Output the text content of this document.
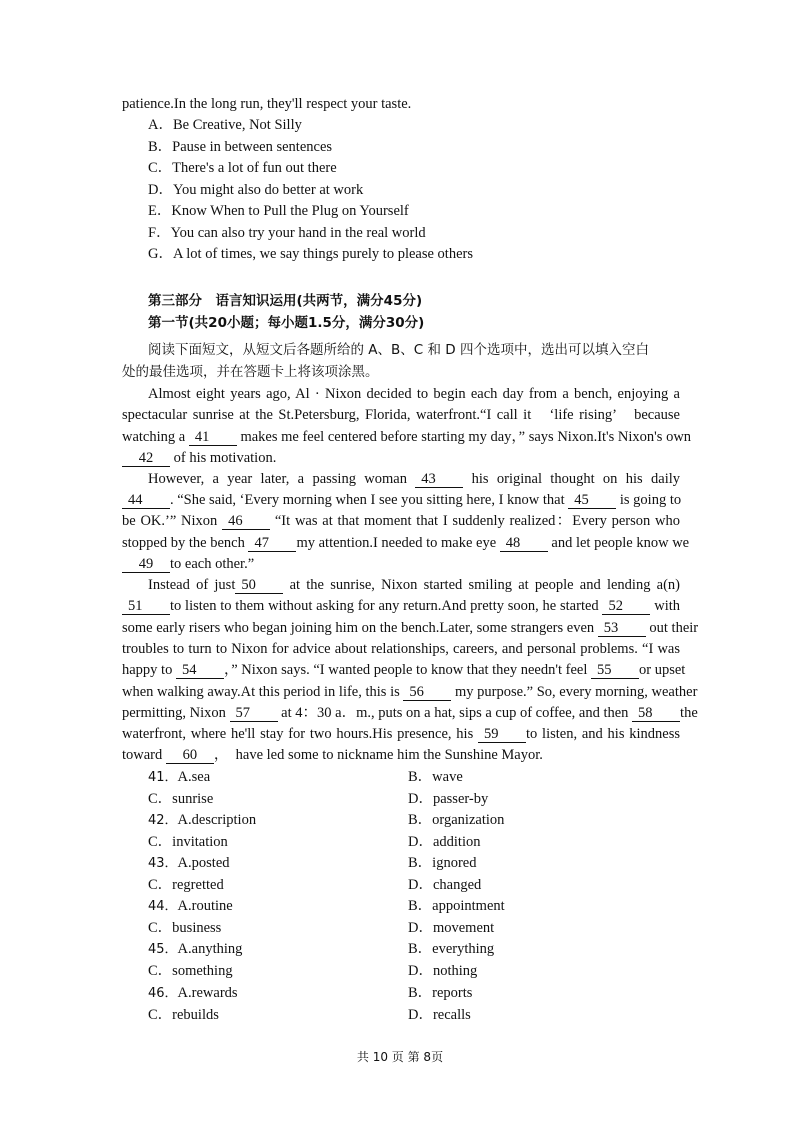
patience.In the long run, they'll respect your taste.
A．Be Creative, Not Silly
B．Pause in between sentences
C．There's a lot of fun out there
D．You might also do better at work
E．Know When to Pull the Plug on Yourself
F．You can also try your hand in the real world
G．A lot of times, we say things purely to please others
第三部分　语言知识运用(共两节，满分45分)
第一节(共20小题；每小题1.5分，满分30分)
阅读下面短文，从短文后各题所给的 A、B、C 和 D 四个选项中，选出可以填入空白
处的最佳选项，并在答题卡上将该项涂黑。
Almost eight years ago, Al · Nixon decided to begin each day from a bench, enjoying a
spectacular sunrise at the St.Petersburg, Florida, waterfront.“I call it　‘life rising’　because
watching a 41 makes me feel centered before starting my day，” says Nixon.It's Nixon's own
42 of his motivation.
However, a year later, a passing woman 43 his original thought on his daily
44 . “She said, ‘Every morning when I see you sitting here, I know that 45 is going to
be OK.’” Nixon 46 “It was at that moment that I suddenly realized：Every person who
stopped by the bench 47 my attention.I needed to make eye 48 and let people know we
49 to each other.”
Instead of just 50 at the sunrise, Nixon started smiling at people and lending a(n)
51 to listen to them without asking for any return.And pretty soon, he started 52 with
some early risers who began joining him on the bench.Later, some strangers even 53 out their
troubles to turn to Nixon for advice about relationships, careers, and personal problems. “I was
happy to 54 ，” Nixon says. “I wanted people to know that they needn't feel 55 or upset
when walking away.At this period in life, this is 56 my purpose.” So, every morning, weather
permitting, Nixon 57 at 4：30 a．m., puts on a hat, sips a cup of coffee, and then 58 the
waterfront, where he'll stay for two hours.His presence, his 59 to listen, and his kindness
toward 60 ，　have led some to nickname him the Sunshine Mayor.
41．A.sea	B．wave
C．sunrise	D．passer-by
42．A.description	B．organization
C．invitation	D．addition
43．A.posted	B．ignored
C．regretted	D．changed
44．A.routine	B．appointment
C．business	D．movement
45．A.anything	B．everything
C．something	D．nothing
46．A.rewards	B．reports
C．rebuilds	D．recalls
共 10 页 第 8页
